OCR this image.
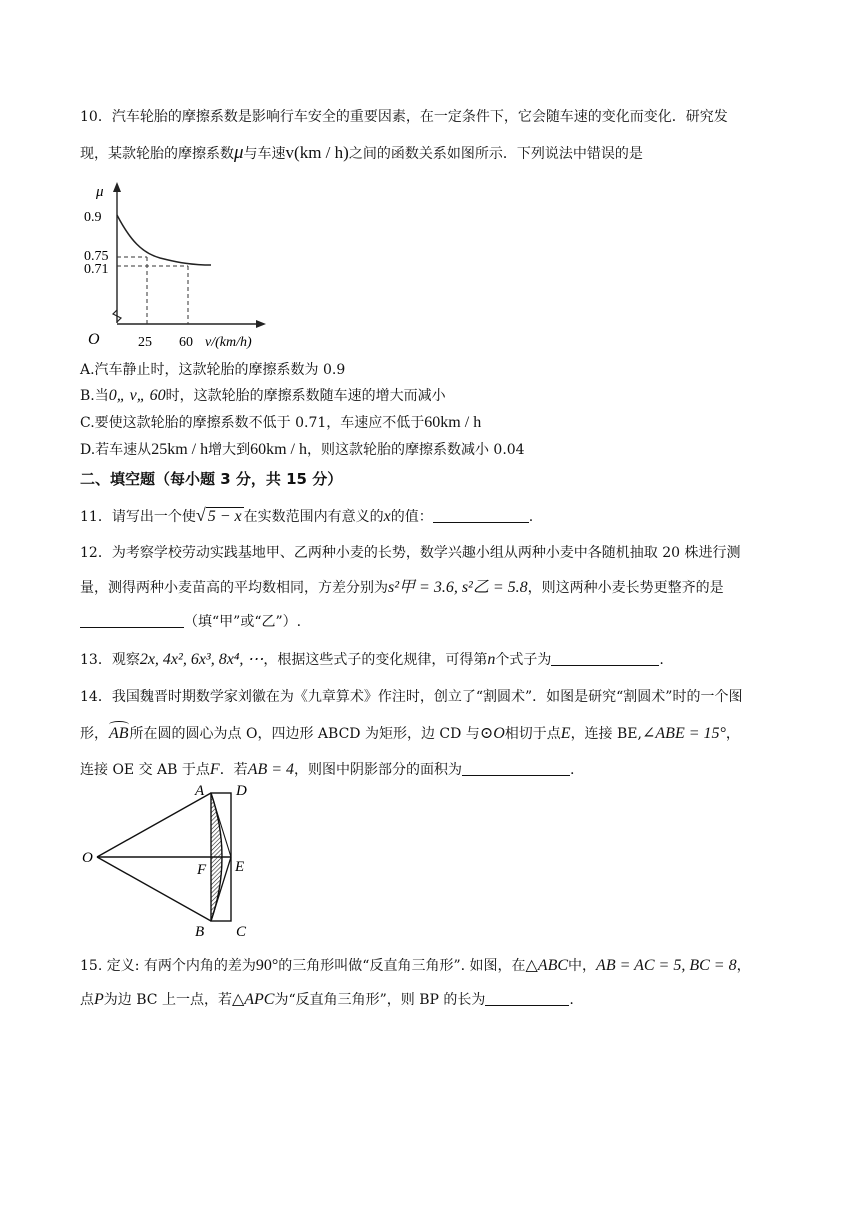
10．汽车轮胎的摩擦系数是影响行车安全的重要因素，在一定条件下，它会随车速的变化而变化．研究发
现，某款轮胎的摩擦系数μ与车速v(km / h)之间的函数关系如图所示．下列说法中错误的是
μ
0.9
0.75
0.71
O	25 60 v/(km/h)
A.汽车静止时，这款轮胎的摩擦系数为 0.9
B.当0„ v„ 60时，这款轮胎的摩擦系数随车速的增大而减小
C.要使这款轮胎的摩擦系数不低于 0.71，车速应不低于60km / h
D.若车速从25km / h增大到60km / h，则这款轮胎的摩擦系数减小 0.04
二、填空题（每小题 3 分，共 15 分）
11．请写出一个使√ 5 − x 在实数范围内有意义的x的值：	.
12．为考察学校劳动实践基地甲、乙两种小麦的长势，数学兴趣小组从两种小麦中各随机抽取 20 株进行测
量，测得两种小麦苗高的平均数相同，方差分别为s²甲 = 3.6, s²乙 = 5.8，则这两种小麦长势更整齐的是
（填“甲”或“乙”）.
13．观察2x, 4x², 6x³, 8x⁴, ⋯，根据这些式子的变化规律，可得第n个式子为	.
14．我国魏晋时期数学家刘徽在为《九章算术》作注时，创立了“割圆术”．如图是研究“割圆术”时的一个图
形，
AB所在圆的圆心为点 O，四边形 ABCD 为矩形，边 CD 与⊙O相切于点E，连接 BE,∠ABE = 15°，
连接 OE 交 AB 于点F．若AB = 4，则图中阴影部分的面积为	.
A D
O
F E
B C
15. 定义: 有两个内角的差为90°的三角形叫做“反直角三角形”. 如图，在△ABC中，AB = AC = 5, BC = 8，
点P为边 BC 上一点，若△APC为“反直角三角形”，则 BP 的长为	.
